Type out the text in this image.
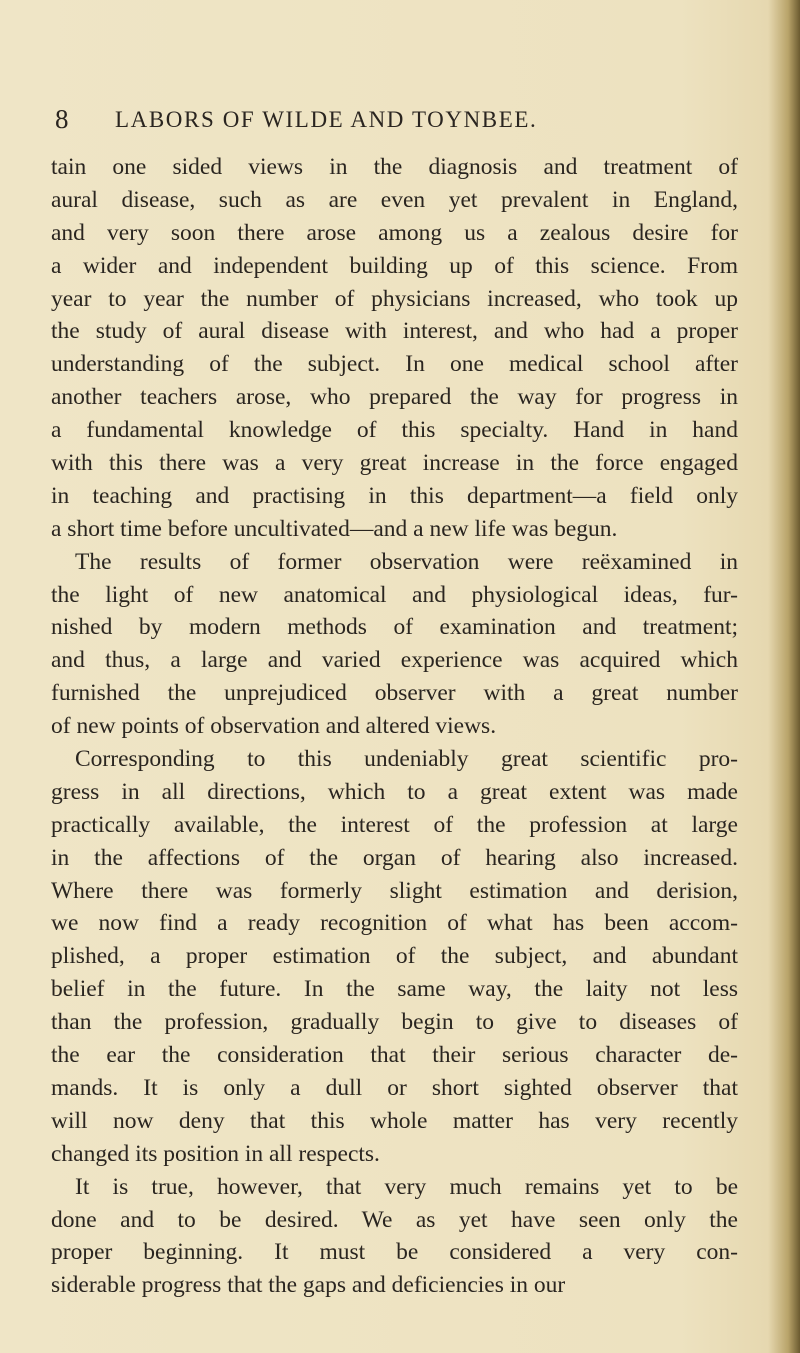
8 LABORS OF WILDE AND TOYNBEE.
tain one sided views in the diagnosis and treatment of
aural disease, such as are even yet prevalent in England,
and very soon there arose among us a zealous desire for
a wider and independent building up of this science. From
year to year the number of physicians increased, who took up
the study of aural disease with interest, and who had a proper
understanding of the subject. In one medical school after
another teachers arose, who prepared the way for progress in
a fundamental knowledge of this specialty. Hand in hand
with this there was a very great increase in the force engaged
in teaching and practising in this department—a field only
a short time before uncultivated—and a new life was begun.
The results of former observation were reëxamined in
the light of new anatomical and physiological ideas, fur-
nished by modern methods of examination and treatment;
and thus, a large and varied experience was acquired which
furnished the unprejudiced observer with a great number
of new points of observation and altered views.
Corresponding to this undeniably great scientific pro-
gress in all directions, which to a great extent was made
practically available, the interest of the profession at large
in the affections of the organ of hearing also increased.
Where there was formerly slight estimation and derision,
we now find a ready recognition of what has been accom-
plished, a proper estimation of the subject, and abundant
belief in the future. In the same way, the laity not less
than the profession, gradually begin to give to diseases of
the ear the consideration that their serious character de-
mands. It is only a dull or short sighted observer that
will now deny that this whole matter has very recently
changed its position in all respects.
It is true, however, that very much remains yet to be
done and to be desired. We as yet have seen only the
proper beginning. It must be considered a very con-
siderable progress that the gaps and deficiencies in our
